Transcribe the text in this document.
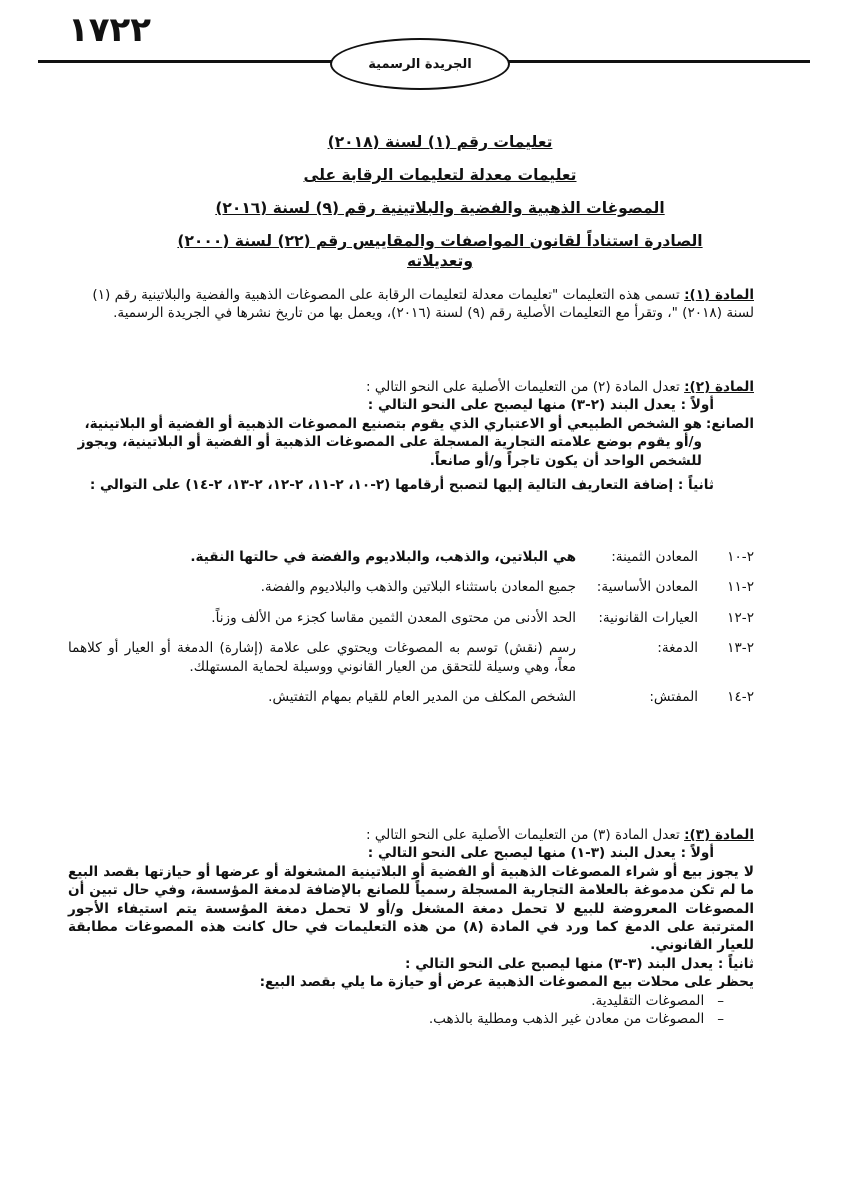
١٧٢٢
الجريدة الرسمية
تعليمات رقم (١) لسنة (٢٠١٨)
تعليمات معدلة لتعليمات الرقابة على
المصوغات الذهبية والفضية والبلاتينية رقم (٩) لسنة (٢٠١٦)
الصادرة استناداً لقانون المواصفات والمقاييس رقم (٢٢) لسنة (٢٠٠٠) وتعديلاته
المادة (١): تسمى هذه التعليمات "تعليمات معدلة لتعليمات الرقابة على المصوغات الذهبية والفضية والبلاتينية رقم (١) لسنة (٢٠١٨) "، وتقرأ مع التعليمات الأصلية رقم (٩) لسنة (٢٠١٦)، ويعمل بها من تاريخ نشرها في الجريدة الرسمية.
المادة (٢): تعدل المادة (٢) من التعليمات الأصلية على النحو التالي :
أولاً : يعدل البند (٢-٣) منها ليصبح على النحو التالي :
الصانع:
هو الشخص الطبيعي أو الاعتباري الذي يقوم بتصنيع المصوغات الذهبية أو الفضية أو البلاتينية، و/أو يقوم بوضع علامته التجارية المسجلة على المصوغات الذهبية أو الفضية أو البلاتينية، ويجوز للشخص الواحد أن يكون تاجراً و/أو صانعاً.
ثانياً : إضافة التعاريف التالية إليها لتصبح أرقامها (٢-١٠، ٢-١١، ٢-١٢، ٢-١٣، ٢-١٤) على التوالي :
٢-١٠
المعادن الثمينة:
هي البلاتين، والذهب، والبلاديوم والفضة في حالتها النقية.
٢-١١
المعادن الأساسية:
جميع المعادن باستثناء البلاتين والذهب والبلاديوم والفضة.
٢-١٢
العيارات القانونية:
الحد الأدنى من محتوى المعدن الثمين مقاسا كجزء من الألف وزناً.
٢-١٣
الدمغة:
رسم (نقش) توسم به المصوغات ويحتوي على علامة (إشارة) الدمغة أو العيار أو كلاهما معاً، وهي وسيلة للتحقق من العيار القانوني ووسيلة لحماية المستهلك.
٢-١٤
المفتش:
الشخص المكلف من المدير العام للقيام بمهام التفتيش.
المادة (٣): تعدل المادة (٣) من التعليمات الأصلية على النحو التالي :
أولاً : يعدل البند (٣-١) منها ليصبح على النحو التالي :
لا يجوز بيع أو شراء المصوغات الذهبية أو الفضية أو البلاتينية المشغولة أو عرضها أو حيازتها بقصد البيع ما لم تكن مدموغة بالعلامة التجارية المسجلة رسمياً للصانع بالإضافة لدمغة المؤسسة، وفي حال تبين أن المصوغات المعروضة للبيع لا تحمل دمغة المشغل و/أو لا تحمل دمغة المؤسسة يتم استيفاء الأجور المترتبة على الدمغ كما ورد في المادة (٨) من هذه التعليمات في حال كانت هذه المصوغات مطابقة للعيار القانوني.
ثانياً : يعدل البند (٣-٣) منها ليصبح على النحو التالي :
يحظر على محلات بيع المصوغات الذهبية عرض أو حيازة ما يلي بقصد البيع:
–   المصوغات التقليدية.
–   المصوغات من معادن غير الذهب ومطلية بالذهب.
